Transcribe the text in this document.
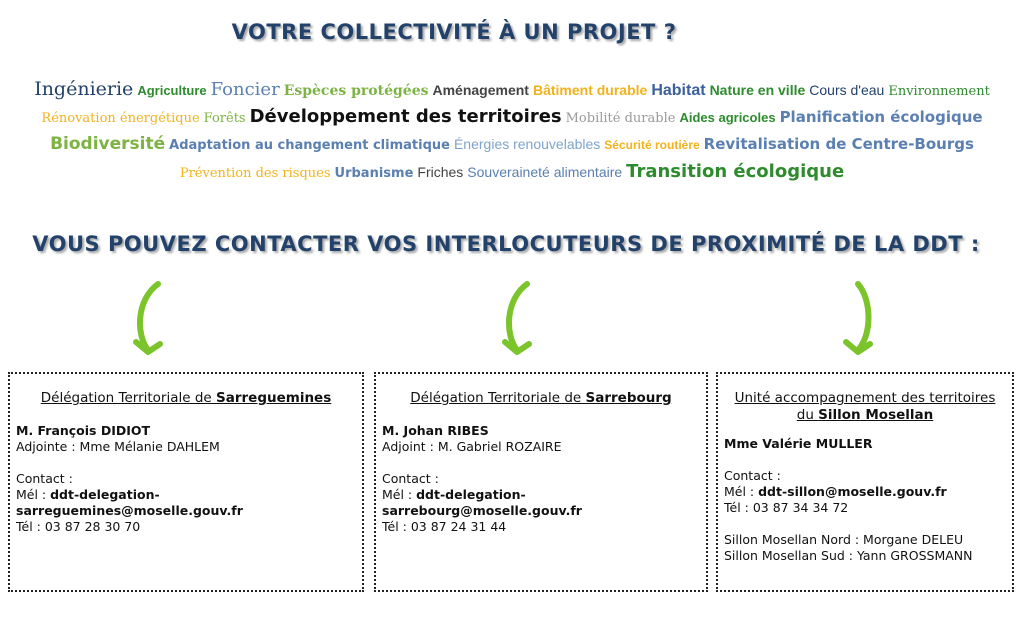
VOTRE COLLECTIVITÉ À UN PROJET ?
Ingénierie Agriculture Foncier Espèces protégées Aménagement Bâtiment durable Habitat Nature en ville Cours d'eau Environnement
Rénovation énergétique Forêts Développement des territoires Mobilité durable Aides agricoles Planification écologique
Biodiversité Adaptation au changement climatique Énergies renouvelables Sécurité routière Revitalisation de Centre-Bourgs
Prévention des risques Urbanisme Friches Souveraineté alimentaire Transition écologique
VOUS POUVEZ CONTACTER VOS INTERLOCUTEURS DE PROXIMITÉ DE LA DDT :
Délégation Territoriale de Sarreguemines
M. François DIDIOT
Adjointe : Mme Mélanie DAHLEM
Contact :
Mél : ddt-delegation-sarreguemines@moselle.gouv.fr
Tél : 03 87 28 30 70
Délégation Territoriale de Sarrebourg
M. Johan RIBES
Adjoint : M. Gabriel ROZAIRE
Contact :
Mél : ddt-delegation-sarrebourg@moselle.gouv.fr
Tél : 03 87 24 31 44
Unité accompagnement des territoires
du Sillon Mosellan
Mme Valérie MULLER
Contact :
Mél : ddt-sillon@moselle.gouv.fr
Tél : 03 87 34 34 72
Sillon Mosellan Nord : Morgane DELEU
Sillon Mosellan Sud : Yann GROSSMANN
